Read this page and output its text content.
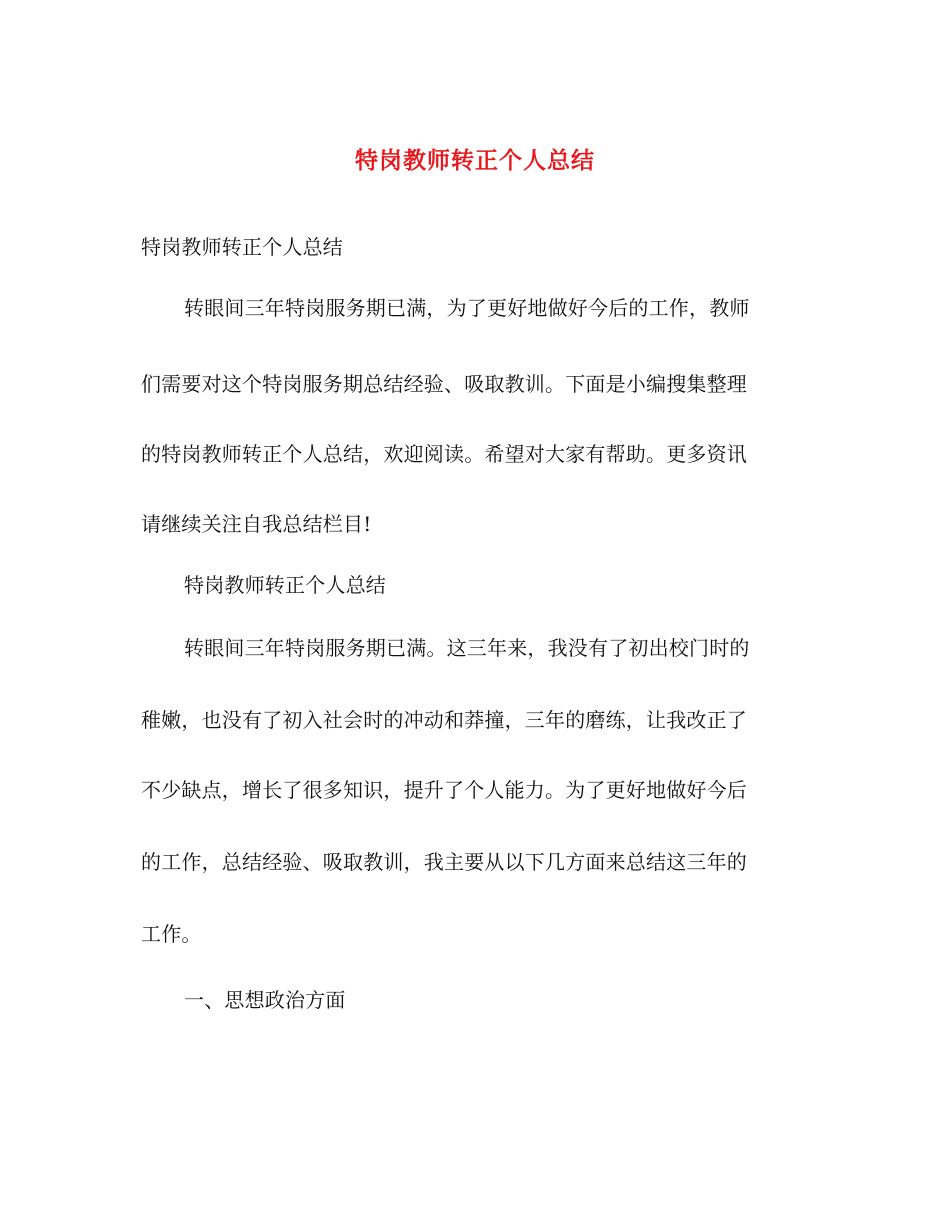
特岗教师转正个人总结
特岗教师转正个人总结
转眼间三年特岗服务期已满，为了更好地做好今后的工作，教师
们需要对这个特岗服务期总结经验、吸取教训。下面是小编搜集整理
的特岗教师转正个人总结，欢迎阅读。希望对大家有帮助。更多资讯
请继续关注自我总结栏目!
特岗教师转正个人总结
转眼间三年特岗服务期已满。这三年来，我没有了初出校门时的
稚嫩，也没有了初入社会时的冲动和莽撞，三年的磨练，让我改正了
不少缺点，增长了很多知识，提升了个人能力。为了更好地做好今后
的工作，总结经验、吸取教训，我主要从以下几方面来总结这三年的
工作。
一、思想政治方面
